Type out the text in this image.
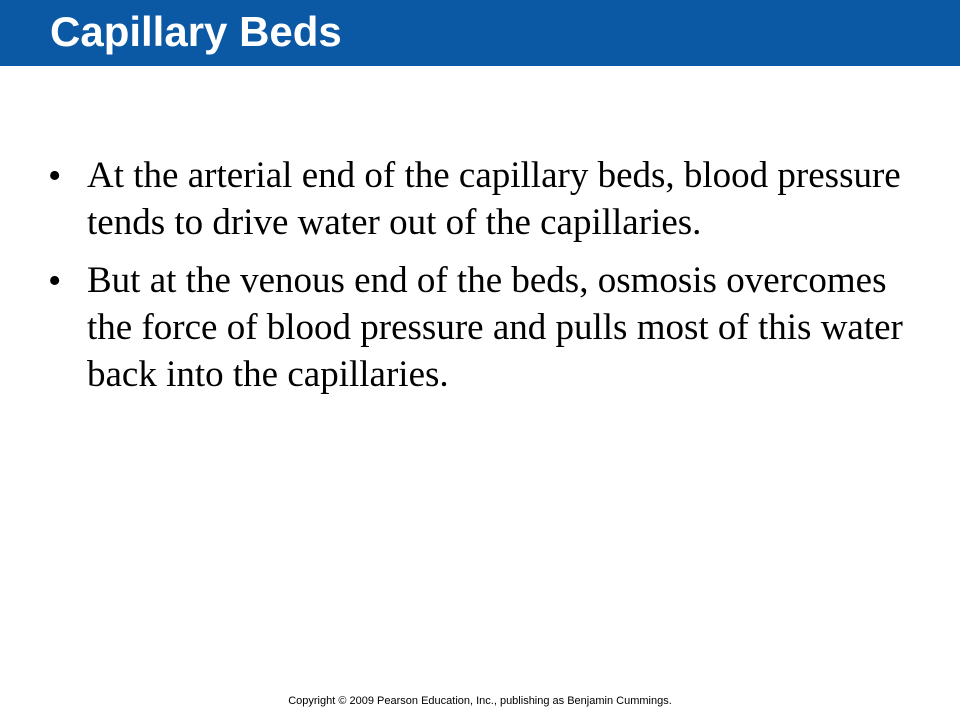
Capillary Beds
• At the arterial end of the capillary beds, blood pressure tends to drive water out of the capillaries.
• But at the venous end of the beds, osmosis overcomes the force of blood pressure and pulls most of this water back into the capillaries.
Copyright © 2009 Pearson Education, Inc., publishing as Benjamin Cummings.
